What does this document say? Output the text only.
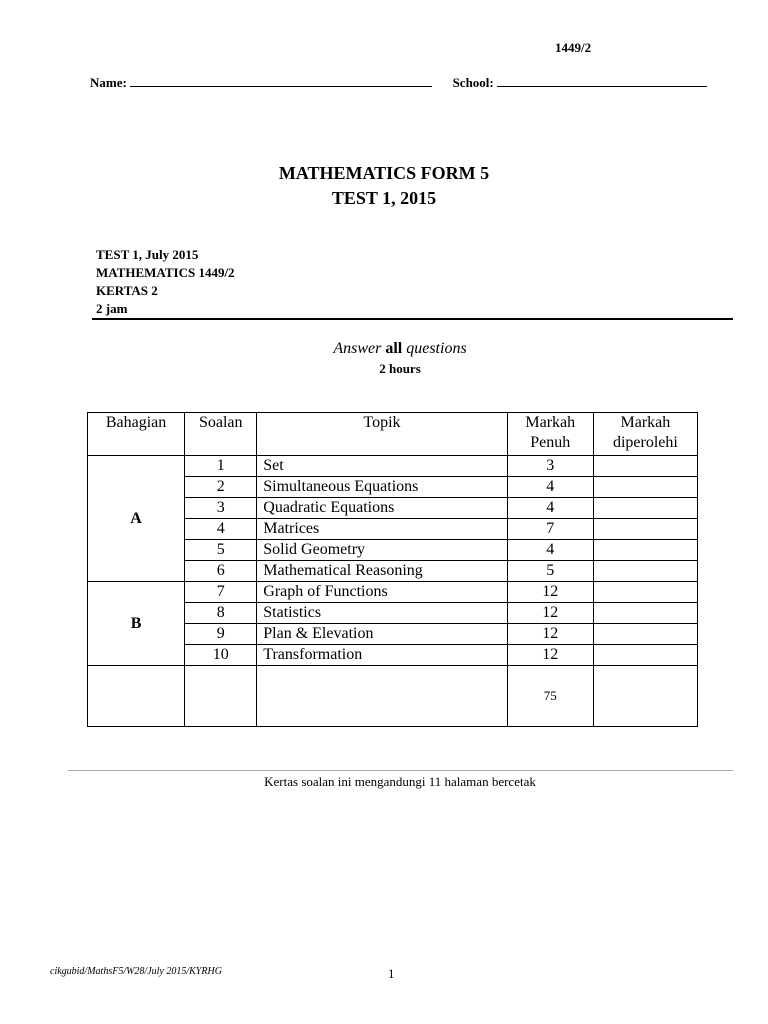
1449/2
Name:	School:
MATHEMATICS FORM 5
TEST 1, 2015
TEST 1, July 2015
MATHEMATICS 1449/2
KERTAS 2
2 jam
Answer all questions
2 hours
Bahagian	Soalan	Topik	Markah Penuh	Markah diperolehi
A	1	Set	3	
	2	Simultaneous Equations	4	
	3	Quadratic Equations	4	
	4	Matrices	7	
	5	Solid Geometry	4	
	6	Mathematical Reasoning	5	
B	7	Graph of Functions	12	
	8	Statistics	12	
	9	Plan & Elevation	12	
	10	Transformation	12	
			75	
Kertas soalan ini mengandungi 11 halaman bercetak
cikgubid/MathsF5/W28/July 2015/KYRHG	1
